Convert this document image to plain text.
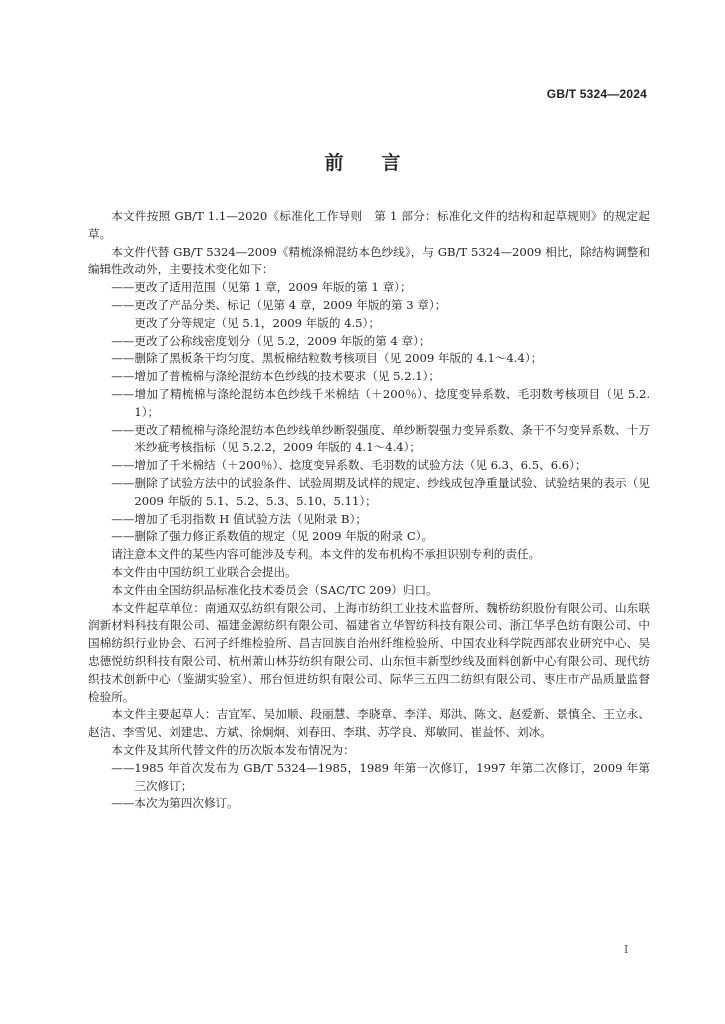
GB/T 5324—2024
前言
本文件按照 GB/T 1.1—2020《标准化工作导则　第 1 部分：标准化文件的结构和起草规则》的规定起草。
本文件代替 GB/T 5324—2009《精梳涤棉混纺本色纱线》，与 GB/T 5324—2009 相比，除结构调整和编辑性改动外，主要技术变化如下：
——更改了适用范围（见第 1 章，2009 年版的第 1 章）；
——更改了产品分类、标记（见第 4 章，2009 年版的第 3 章）；
更改了分等规定（见 5.1，2009 年版的 4.5）；
——更改了公称线密度划分（见 5.2，2009 年版的第 4 章）；
——删除了黑板条干均匀度、黑板棉结粒数考核项目（见 2009 年版的 4.1～4.4）；
——增加了普梳棉与涤纶混纺本色纱线的技术要求（见 5.2.1）；
——增加了精梳棉与涤纶混纺本色纱线千米棉结（＋200％）、捻度变异系数、毛羽数考核项目（见 5.2.1）；
——更改了精梳棉与涤纶混纺本色纱线单纱断裂强度、单纱断裂强力变异系数、条干不匀变异系数、十万米纱疵考核指标（见 5.2.2，2009 年版的 4.1～4.4）；
——增加了千米棉结（＋200％）、捻度变异系数、毛羽数的试验方法（见 6.3、6.5、6.6）；
——删除了试验方法中的试验条件、试验周期及试样的规定、纱线成包净重量试验、试验结果的表示（见 2009 年版的 5.1、5.2、5.3、5.10、5.11）；
——增加了毛羽指数 H 值试验方法（见附录 B）；
——删除了强力修正系数值的规定（见 2009 年版的附录 C）。
请注意本文件的某些内容可能涉及专利。本文件的发布机构不承担识别专利的责任。
本文件由中国纺织工业联合会提出。
本文件由全国纺织品标准化技术委员会（SAC/TC 209）归口。
本文件起草单位：南通双弘纺织有限公司、上海市纺织工业技术监督所、魏桥纺织股份有限公司、山东联润新材料科技有限公司、福建金源纺织有限公司、福建省立华智纺科技有限公司、浙江华孚色纺有限公司、中国棉纺织行业协会、石河子纤维检验所、昌吉回族自治州纤维检验所、中国农业科学院西部农业研究中心、吴忠德悦纺织科技有限公司、杭州萧山林芬纺织有限公司、山东恒丰新型纱线及面料创新中心有限公司、现代纺织技术创新中心（鉴湖实验室）、邢台恒进纺织有限公司、际华三五四二纺织有限公司、枣庄市产品质量监督检验所。
本文件主要起草人：吉宜军、吴加顺、段丽慧、李晓章、李洋、郑洪、陈文、赵爱新、景慎全、王立永、赵洁、李雪见、刘建忠、方斌、徐炯炯、刘春田、李琪、苏学良、郑敏同、崔益怀、刘冰。
本文件及其所代替文件的历次版本发布情况为：
——1985 年首次发布为 GB/T 5324—1985，1989 年第一次修订，1997 年第二次修订，2009 年第三次修订；
——本次为第四次修订。
I
